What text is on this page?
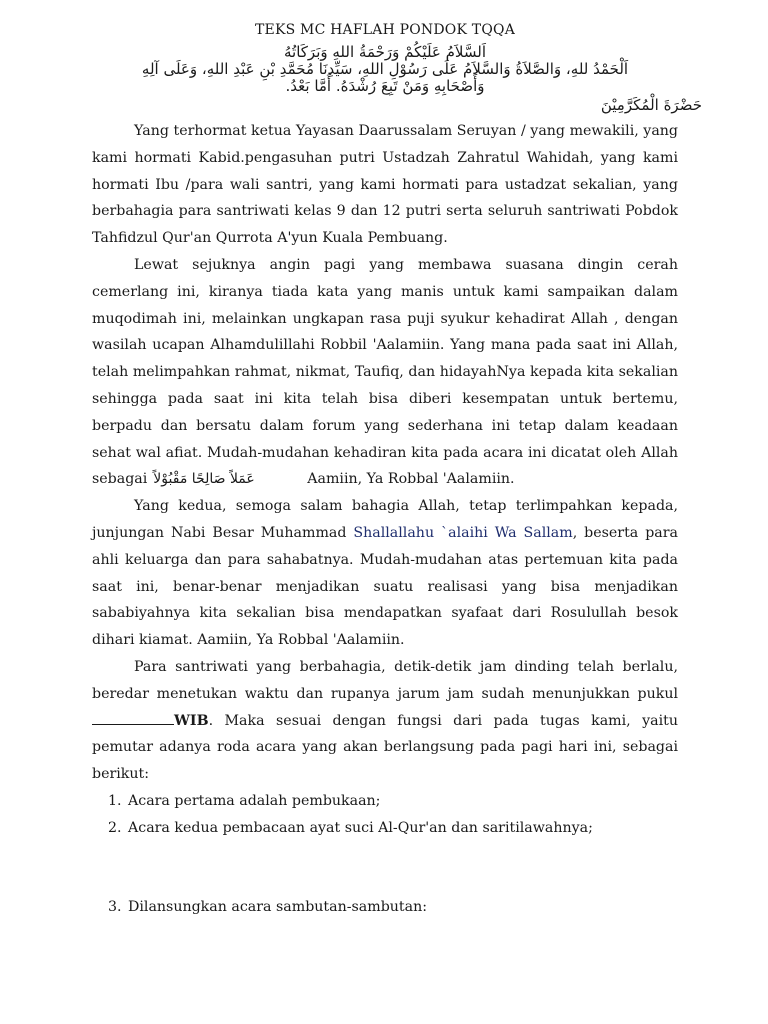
TEKS MC HAFLAH PONDOK TQQA

اَلسَّلاَمُ عَلَيْكُمْ وَرَحْمَةُ اللهِ وَبَرَكَاتُهُ

اَلْحَمْدُ للهِ، وَالصَّلاَةُ وَالسَّلاَمُ عَلَى رَسُوْلِ اللهِ، سَيِّدِنَا مُحَمَّدِ بْنِ عَبْدِ اللهِ، وَعَلَى آلِهِ

وَأَصْحَابِهِ وَمَنْ تَبِعَ رُشْدَهُ. أَمَّا بَعْدُ.

حَضْرَةَ الْمُكَرَّمِيْنَ

Yang terhormat ketua Yayasan Daarussalam Seruyan / yang mewakili, yang kami hormati Kabid.pengasuhan putri Ustadzah Zahratul Wahidah, yang kami hormati Ibu /para wali santri, yang kami hormati para ustadzat sekalian, yang berbahagia para santriwati kelas 9 dan 12 putri serta seluruh santriwati Pobdok Tahfidzul Qur'an Qurrota A'yun Kuala Pembuang.

Lewat sejuknya angin pagi yang membawa suasana dingin cerah cemerlang ini, kiranya tiada kata yang manis untuk kami sampaikan dalam muqodimah ini, melainkan ungkapan rasa puji syukur kehadirat Allah , dengan wasilah ucapan Alhamdulillahi Robbil 'Aalamiin. Yang mana pada saat ini Allah, telah melimpahkan rahmat, nikmat, Taufiq, dan hidayahNya kepada kita sekalian sehingga pada saat ini kita telah bisa diberi kesempatan untuk bertemu, berpadu dan bersatu dalam forum yang sederhana ini tetap dalam keadaan sehat wal afiat. Mudah-mudahan kehadiran kita pada acara ini dicatat oleh Allah sebagai عَمَلاً صَالِحًا مَقْبُوْلاً	Aamiin, Ya Robbal 'Aalamiin.

Yang kedua, semoga salam bahagia Allah, tetap terlimpahkan kepada, junjungan Nabi Besar Muhammad Shallallahu `alaihi Wa Sallam, beserta para ahli keluarga dan para sahabatnya. Mudah-mudahan atas pertemuan kita pada saat ini, benar-benar menjadikan suatu realisasi yang bisa menjadikan sababiyahnya kita sekalian bisa mendapatkan syafaat dari Rosulullah besok dihari kiamat. Aamiin, Ya Robbal 'Aalamiin.

Para santriwati yang berbahagia, detik-detik jam dinding telah berlalu, beredar menetukan waktu dan rupanya jarum jam sudah menunjukkan pukul WIB. Maka sesuai dengan fungsi dari pada tugas kami, yaitu pemutar adanya roda acara yang akan berlangsung pada pagi hari ini, sebagai berikut:

1. Acara pertama adalah pembukaan;
2. Acara kedua pembacaan ayat suci Al-Qur'an dan saritilawahnya;
3. Dilansungkan acara sambutan-sambutan:
